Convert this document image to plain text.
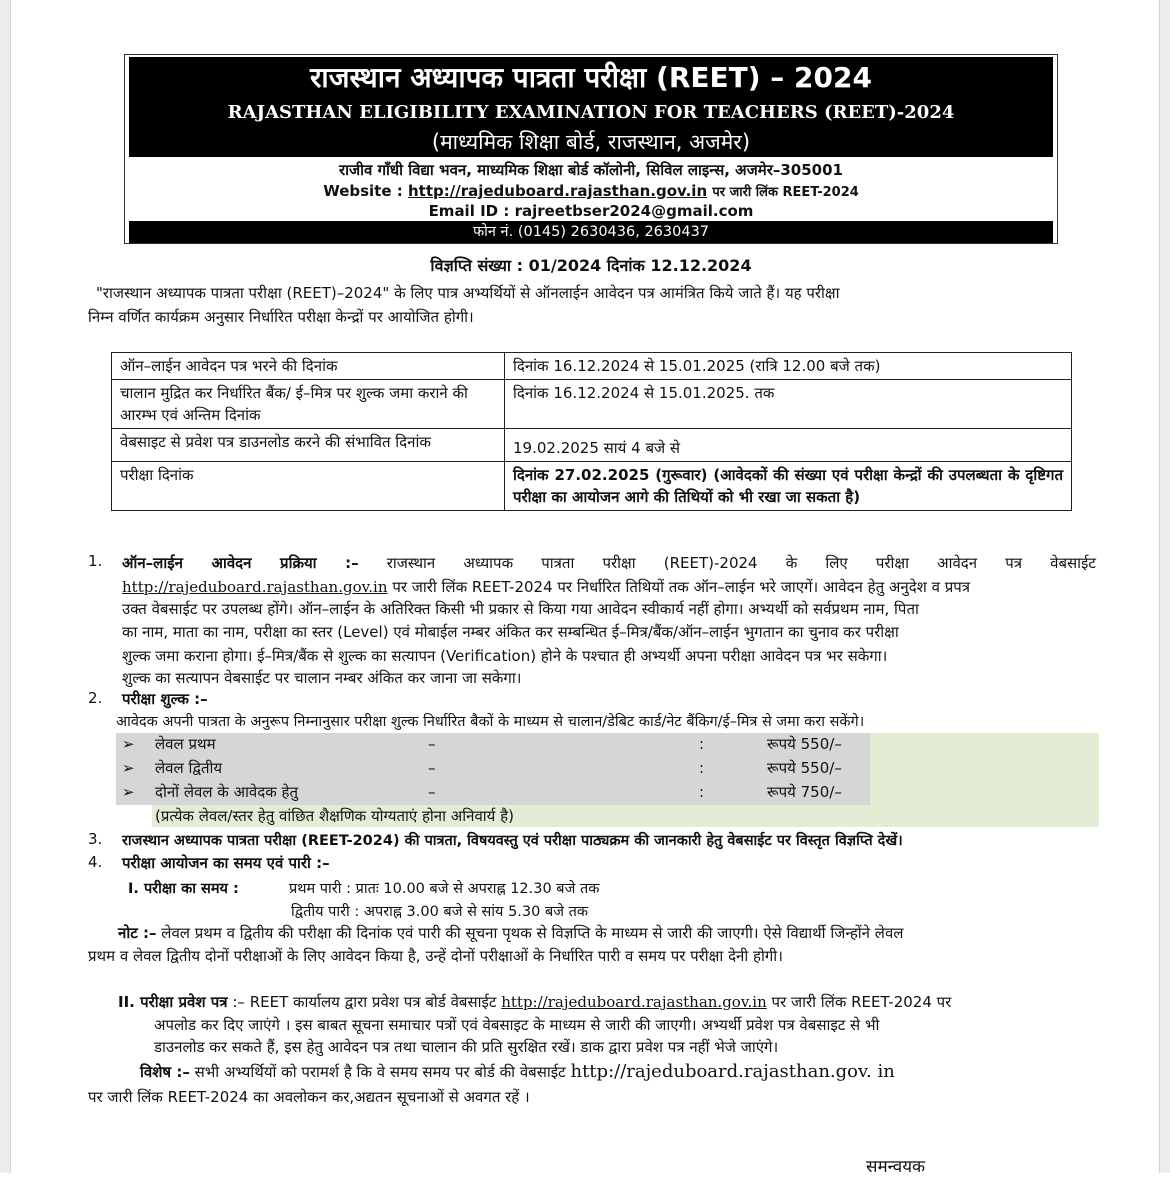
राजस्थान अध्यापक पात्रता परीक्षा (REET) – 2024
RAJASTHAN ELIGIBILITY EXAMINATION FOR TEACHERS (REET)-2024
(माध्यमिक शिक्षा बोर्ड, राजस्थान, अजमेर)
राजीव गाँधी विद्या भवन, माध्यमिक शिक्षा बोर्ड कॉलोनी, सिविल लाइन्स, अजमेर–305001
Website : http://rajeduboard.rajasthan.gov.in पर जारी लिंक REET-2024
Email ID : rajreetbser2024@gmail.com
फोन नं. (0145) 2630436, 2630437
विज्ञप्ति संख्या : 01/2024 दिनांक 12.12.2024
"राजस्थान अध्यापक पात्रता परीक्षा (REET)–2024" के लिए पात्र अभ्यर्थियों से ऑनलाईन आवेदन पत्र आमंत्रित किये जाते हैं। यह परीक्षा
निम्न वर्णित कार्यक्रम अनुसार निर्धारित परीक्षा केन्द्रों पर आयोजित होगी।
ऑन–लाईन आवेदन पत्र भरने की दिनांक	दिनांक 16.12.2024 से 15.01.2025 (रात्रि 12.00 बजे तक)
चालान मुद्रित कर निर्धारित बैंक/ ई–मित्र पर शुल्क जमा कराने की आरम्भ एवं अन्तिम दिनांक	दिनांक 16.12.2024 से 15.01.2025. तक
वेबसाइट से प्रवेश पत्र डाउनलोड करने की संभावित दिनांक	19.02.2025 सायं 4 बजे से
परीक्षा दिनांक	दिनांक 27.02.2025 (गुरूवार) (आवेदकों की संख्या एवं परीक्षा केन्द्रों की उपलब्धता के दृष्टिगत परीक्षा का आयोजन आगे की तिथियों को भी रखा जा सकता है)
1. ऑन–लाईन आवेदन प्रक्रिया :– राजस्थान अध्यापक पात्रता परीक्षा (REET)-2024 के लिए परीक्षा आवेदन पत्र वेबसाईट
http://rajeduboard.rajasthan.gov.in पर जारी लिंक REET-2024 पर निर्धारित तिथियों तक ऑन–लाईन भरे जाएगें। आवेदन हेतु अनुदेश व प्रपत्र
उक्त वेबसाईट पर उपलब्ध होंगे। ऑन–लाईन के अतिरिक्त किसी भी प्रकार से किया गया आवेदन स्वीकार्य नहीं होगा। अभ्यर्थी को सर्वप्रथम नाम, पिता
का नाम, माता का नाम, परीक्षा का स्तर (Level) एवं मोबाईल नम्बर अंकित कर सम्बन्धित ई–मित्र/बैंक/ऑन–लाईन भुगतान का चुनाव कर परीक्षा
शुल्क जमा कराना होगा। ई–मित्र/बैंक से शुल्क का सत्यापन (Verification) होने के पश्चात ही अभ्यर्थी अपना परीक्षा आवेदन पत्र भर सकेगा।
शुल्क का सत्यापन वेबसाईट पर चालान नम्बर अंकित कर जाना जा सकेगा।
2. परीक्षा शुल्क :–
आवेदक अपनी पात्रता के अनुरूप निम्नानुसार परीक्षा शुल्क निर्धारित बैकों के माध्यम से चालान/डेबिट कार्ड/नेट बैंकिग/ई–मित्र से जमा करा सकेंगे।
➢ लेवल प्रथम	–	:	रूपये 550/–
➢ लेवल द्वितीय	–	:	रूपये 550/–
➢ दोनों लेवल के आवेदक हेतु	–	:	रूपये 750/–
(प्रत्येक लेवल/स्तर हेतु वांछित शैक्षणिक योग्यताएं होना अनिवार्य है)
3. राजस्थान अध्यापक पात्रता परीक्षा (REET-2024) की पात्रता, विषयवस्तु एवं परीक्षा पाठ्यक्रम की जानकारी हेतु वेबसाईट पर विस्तृत विज्ञप्ति देखें।
4. परीक्षा आयोजन का समय एवं पारी :–
I. परीक्षा का समय :	प्रथम पारी : प्रातः 10.00 बजे से अपराह्न 12.30 बजे तक
द्वितीय पारी : अपराह्न 3.00 बजे से सांय 5.30 बजे तक
नोट :– लेवल प्रथम व द्वितीय की परीक्षा की दिनांक एवं पारी की सूचना पृथक से विज्ञप्ति के माध्यम से जारी की जाएगी। ऐसे विद्यार्थी जिन्होंने लेवल
प्रथम व लेवल द्वितीय दोनों परीक्षाओं के लिए आवेदन किया है, उन्हें दोनों परीक्षाओं के निर्धारित पारी व समय पर परीक्षा देनी होगी।
II. परीक्षा प्रवेश पत्र :– REET कार्यालय द्वारा प्रवेश पत्र बोर्ड वेबसाईट http://rajeduboard.rajasthan.gov.in पर जारी लिंक REET-2024 पर
अपलोड कर दिए जाएंगे । इस बाबत सूचना समाचार पत्रों एवं वेबसाइट के माध्यम से जारी की जाएगी। अभ्यर्थी प्रवेश पत्र वेबसाइट से भी
डाउनलोड कर सकते हैं, इस हेतु आवेदन पत्र तथा चालान की प्रति सुरक्षित रखें। डाक द्वारा प्रवेश पत्र नहीं भेजे जाएंगे।
विशेष :– सभी अभ्यर्थियों को परामर्श है कि वे समय समय पर बोर्ड की वेबसाईट http://rajeduboard.rajasthan.gov. in
पर जारी लिंक REET-2024 का अवलोकन कर,अद्यतन सूचनाओं से अवगत रहें ।
समन्वयक
